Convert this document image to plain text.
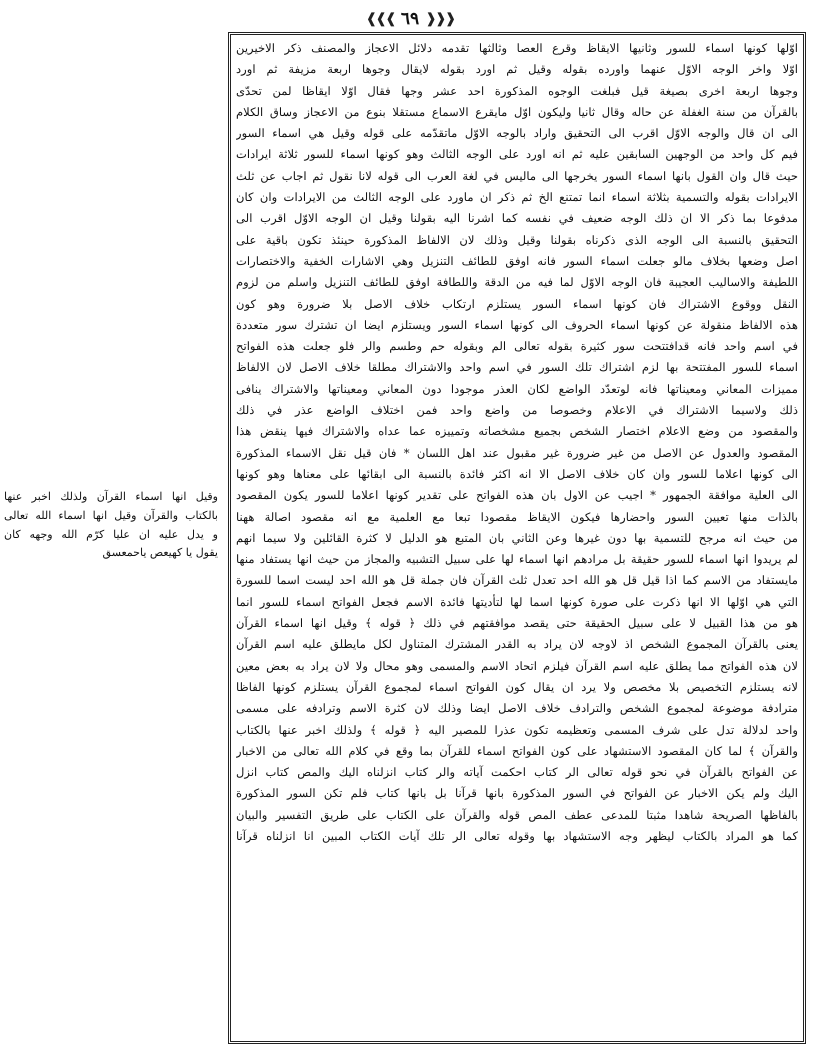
❰❰❰ ٦٩ ❱❱❱
اوّلها كونها اسماء للسور وثانيها الايقاظ وقرع العصا وثالثها تقدمه دلائل الاعجاز والمصنف ذكر الاخيرين
اوّلا واخر الوجه الاوّل عنهما واورده بقوله وقيل ثم اورد بقوله لايقال وجوها اربعة مزيفة ثم اورد
وجوها اربعة اخرى بصيغة قيل فبلغت الوجوه المذكورة احد عشر وجها فقال اوّلا ايقاظا لمن تحدّى
بالقرآن من سنة الغفلة عن حاله وقال ثانيا وليكون اوّل مايقرع الاسماع مستقلا بنوع من الاعجاز وساق الكلام
الى ان قال والوجه الاوّل اقرب الى التحقيق واراد بالوجه الاوّل ماتقدّمه على قوله وقيل هي اسماء السور
فيم كل واحد من الوجهين السابقين عليه ثم انه اورد على الوجه الثالث وهو كونها اسماء للسور ثلاثة ايرادات
حيث قال وان القول بانها اسماء السور يخرجها الى ماليس في لغة العرب الى قوله لانا نقول ثم اجاب عن ثلث
الايرادات بقوله والتسمية بثلاثة اسماء انما تمتنع الخ ثم ذكر ان ماورد على الوجه الثالث من الايرادات وان كان
مدفوعا بما ذكر الا ان ذلك الوجه ضعيف في نفسه كما اشرنا اليه بقولنا وقيل ان الوجه الاوّل اقرب الى
التحقيق بالنسبة الى الوجه الذى ذكرناه بقولنا وقيل وذلك لان الالفاظ المذكورة حينئذ تكون باقية على
اصل وضعها بخلاف مالو جعلت اسماء السور فانه اوفق للطائف التنزيل وهي الاشارات الخفية والاختصارات
اللطيفة والاساليب العجيبة فان الوجه الاوّل لما فيه من الدقة واللطافة اوفق للطائف التنزيل واسلم من لزوم
النقل ووقوع الاشتراك فان كونها اسماء السور يستلزم ارتكاب خلاف الاصل بلا ضرورة وهو كون
هذه الالفاظ منقولة عن كونها اسماء الحروف الى كونها اسماء السور ويستلزم ايضا ان تشترك سور متعددة
في اسم واحد فانه قدافتتحت سور كثيرة بقوله تعالى الم وبقوله حم وطسم والر فلو جعلت هذه الفواتح
اسماء للسور المفتتحة بها لزم اشتراك تلك السور في اسم واحد والاشتراك مطلقا خلاف الاصل لان الالفاظ
مميزات المعاني ومعيناتها فانه لوتعدّد الواضع لكان العذر موجودا دون المعاني ومعيناتها والاشتراك ينافى
ذلك ولاسيما الاشتراك في الاعلام وخصوصا من واضع واحد فمن اختلاف الواضع عذر في ذلك
والمقصود من وضع الاعلام اختصار الشخص بجميع مشخصاته وتمييزه عما عداه والاشتراك فيها ينقض هذا
المقصود والعدول عن الاصل من غير ضرورة غير مقبول عند اهل اللسان * فان قيل نقل الاسماء المذكورة
الى كونها اعلاما للسور وان كان خلاف الاصل الا انه اكثر فائدة بالنسبة الى ابقائها على معناها وهو كونها
الى العلية موافقة الجمهور * اجيب عن الاول بان هذه الفواتح على تقدير كونها اعلاما للسور يكون المقصود
بالذات منها تعيين السور واحضارها فيكون الايقاظ مقصودا تبعا مع العلمية مع انه مقصود اصالة ههنا
من حيث انه مرجح للتسمية بها دون غيرها وعن الثاني بان المتبع هو الدليل لا كثرة القائلين ولا سيما انهم
لم يريدوا انها اسماء للسور حقيقة بل مرادهم انها اسماء لها على سبيل التشبيه والمجاز من حيث انها يستفاد منها
مايستفاد من الاسم كما اذا قيل قل هو الله احد تعدل ثلث القرآن فان جملة قل هو الله احد ليست اسما للسورة
التي هي اوّلها الا انها ذكرت على صورة كونها اسما لها لتأديتها فائدة الاسم فجعل الفواتح اسماء للسور انما
هو من هذا القبيل لا على سبيل الحقيقة حتى يقصد موافقتهم في ذلك ﴿ قوله ﴾ وقيل انها اسماء القرآن
يعنى بالقرآن المجموع الشخص اذ لاوجه لان يراد به القدر المشترك المتناول لكل مايطلق عليه اسم القرآن
لان هذه الفواتح مما يطلق عليه اسم القرآن فيلزم اتحاد الاسم والمسمى وهو محال ولا لان يراد به بعض معين
لانه يستلزم التخصيص بلا مخصص ولا يرد ان يقال كون الفواتح اسماء لمجموع القرآن يستلزم كونها الفاظا
مترادفة موضوعة لمجموع الشخص والترادف خلاف الاصل ايضا وذلك لان كثرة الاسم وترادفه على مسمى
واحد لدلالة تدل على شرف المسمى وتعظيمه تكون عذرا للمصير اليه ﴿ قوله ﴾ ولذلك اخبر عنها بالكتاب
والقرآن ﴾ لما كان المقصود الاستشهاد على كون الفواتح اسماء للقرآن بما وقع في كلام الله تعالى من الاخبار
عن الفواتح بالقرآن في نحو قوله تعالى الر كتاب احكمت آياته والر كتاب انزلناه اليك والمص كتاب انزل
اليك ولم يكن الاخبار عن الفواتح في السور المذكورة بانها قرآنا بل بانها كتاب فلم تكن السور المذكورة
بالفاظها الصريحة شاهدا مثبتا للمدعى عطف المص قوله والقرآن على الكتاب على طريق التفسير والبيان
كما هو المراد بالكتاب ليظهر وجه الاستشهاد بها وقوله تعالى الر تلك آيات الكتاب المبين انا انزلناه قرآنا
وقيل انها اسماء القرآن ولذلك اخبر عنها
بالكتاب والقرآن وقيل انها اسماء الله تعالى
و يدل عليه ان عليا كرّم الله وجهه كان
يقول يا كهيعص ياحمعسق
